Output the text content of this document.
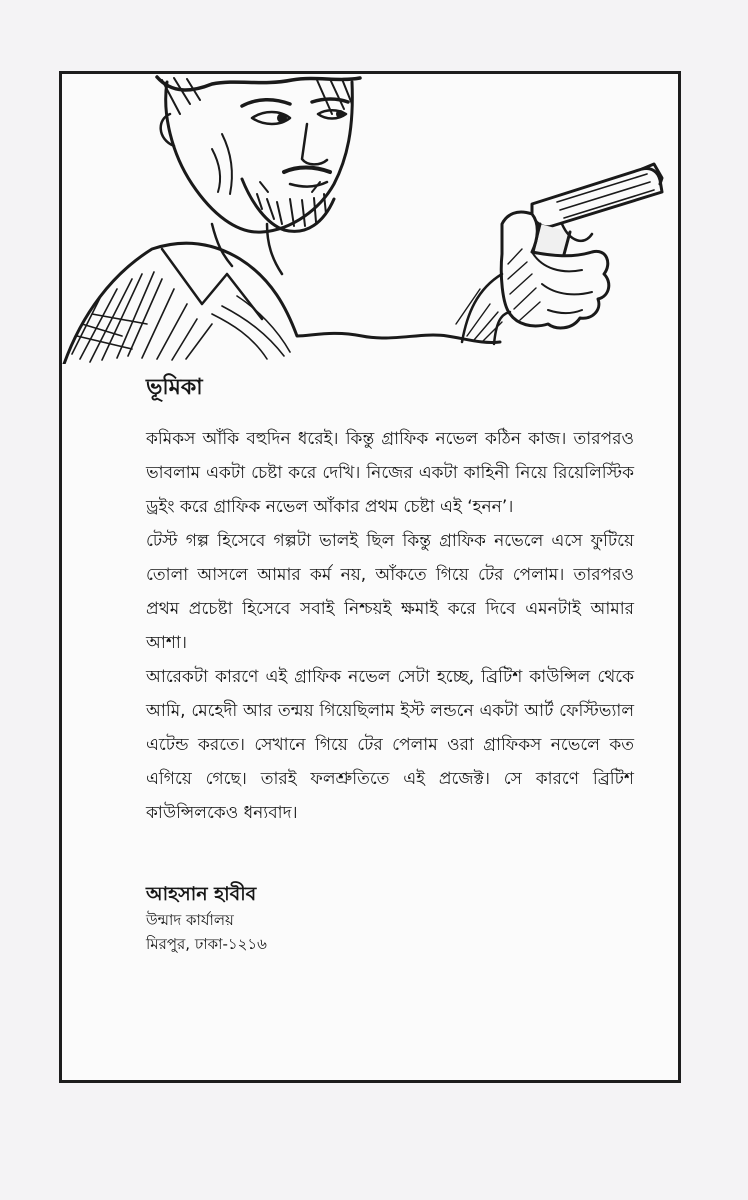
ভূমিকা

কমিকস আঁকি বহুদিন ধরেই। কিন্তু গ্রাফিক নভেল কঠিন কাজ। তারপরও ভাবলাম একটা চেষ্টা করে দেখি। নিজের একটা কাহিনী নিয়ে রিয়েলিস্টিক ড্রইং করে গ্রাফিক নভেল আঁকার প্রথম চেষ্টা এই ‘হনন’।

টেস্ট গল্প হিসেবে গল্পটা ভালই ছিল কিন্তু গ্রাফিক নভেলে এসে ফুটিয়ে তোলা আসলে আমার কর্ম নয়, আঁকতে গিয়ে টের পেলাম। তারপরও প্রথম প্রচেষ্টা হিসেবে সবাই নিশ্চয়ই ক্ষমাই করে দিবে এমনটাই আমার আশা।

আরেকটা কারণে এই গ্রাফিক নভেল সেটা হচ্ছে, ব্রিটিশ কাউন্সিল থেকে আমি, মেহেদী আর তন্ময় গিয়েছিলাম ইস্ট লন্ডনে একটা আর্ট ফেস্টিভ্যাল এটেন্ড করতে। সেখানে গিয়ে টের পেলাম ওরা গ্রাফিকস নভেলে কত এগিয়ে গেছে। তারই ফলশ্রুতিতে এই প্রজেক্ট। সে কারণে ব্রিটিশ কাউন্সিলকেও ধন্যবাদ।

আহসান হাবীব
উন্মাদ কার্যালয়
মিরপুর, ঢাকা-১২১৬
